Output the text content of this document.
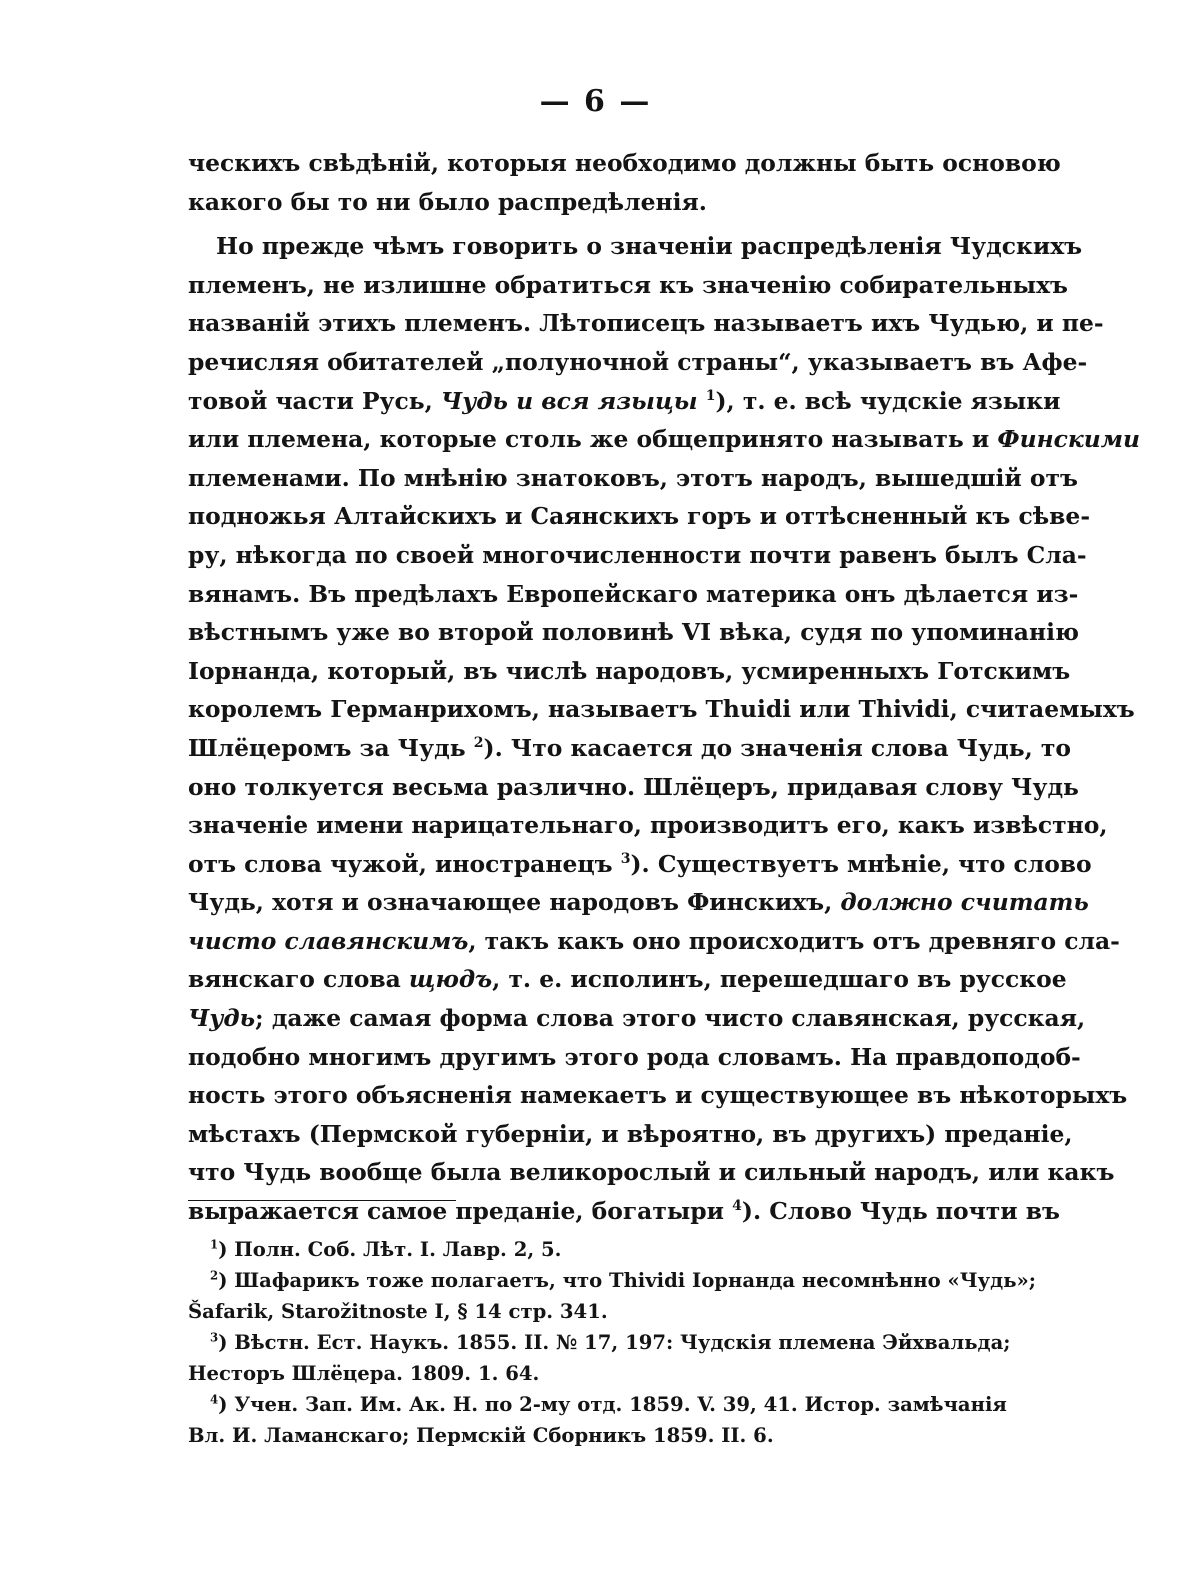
— 6 —
ческихъ свѣдѣній, которыя необходимо должны быть основою
какого бы то ни было распредѣленія.
Но прежде чѣмъ говорить о значеніи распредѣленія Чудскихъ
племенъ, не излишне обратиться къ значенію собирательныхъ
названій этихъ племенъ. Лѣтописецъ называетъ ихъ Чудью, и пе-
речисляя обитателей „полуночной страны“, указываетъ въ Афе-
товой части Русь, Чудь и вся языцы $^1$), т. е. всѣ чудскіе языки
или племена, которые столь же общепринято называть и Финскими
племенами. По мнѣнію знатоковъ, этотъ народъ, вышедшій отъ
подножья Алтайскихъ и Саянскихъ горъ и оттѣсненный къ сѣве-
ру, нѣкогда по своей многочисленности почти равенъ былъ Сла-
вянамъ. Въ предѣлахъ Европейскаго материка онъ дѣлается из-
вѣстнымъ уже во второй половинѣ VI вѣка, судя по упоминанію
Іорнанда, который, въ числѣ народовъ, усмиренныхъ Готскимъ
королемъ Германрихомъ, называетъ Thuidi или Thividi, считаемыхъ
Шлёцеромъ за Чудь $^2$). Что касается до значенія слова Чудь, то
оно толкуется весьма различно. Шлёцеръ, придавая слову Чудь
значеніе имени нарицательнаго, производитъ его, какъ извѣстно,
отъ слова чужой, иностранецъ $^3$). Существуетъ мнѣніе, что слово
Чудь, хотя и означающее народовъ Финскихъ, должно считать
чисто славянскимъ, такъ какъ оно происходитъ отъ древняго сла-
вянскаго слова щюдъ, т. е. исполинъ, перешедшаго въ русское
Чудь; даже самая форма слова этого чисто славянская, русская,
подобно многимъ другимъ этого рода словамъ. На правдоподоб-
ность этого объясненія намекаетъ и существующее въ нѣкоторыхъ
мѣстахъ (Пермской губерніи, и вѣроятно, въ другихъ) преданіе,
что Чудь вообще была великорослый и сильный народъ, или какъ
выражается самое преданіе, богатыри $^4$). Слово Чудь почти въ
$^1$) Полн. Соб. Лѣт. I. Лавр. 2, 5.
$^2$) Шафарикъ тоже полагаетъ, что Thividi Іорнанда несомнѣнно «Чудь»;
Šafarik, Starožitnoste I, § 14 стр. 341.
$^3$) Вѣстн. Ест. Наукъ. 1855. II. № 17, 197: Чудскія племена Эйхвальда;
Несторъ Шлёцера. 1809. 1. 64.
$^4$) Учен. Зап. Им. Ак. Н. по 2-му отд. 1859. V. 39, 41. Истор. замѣчанія
Вл. И. Ламанскаго; Пермскій Сборникъ 1859. II. 6.
